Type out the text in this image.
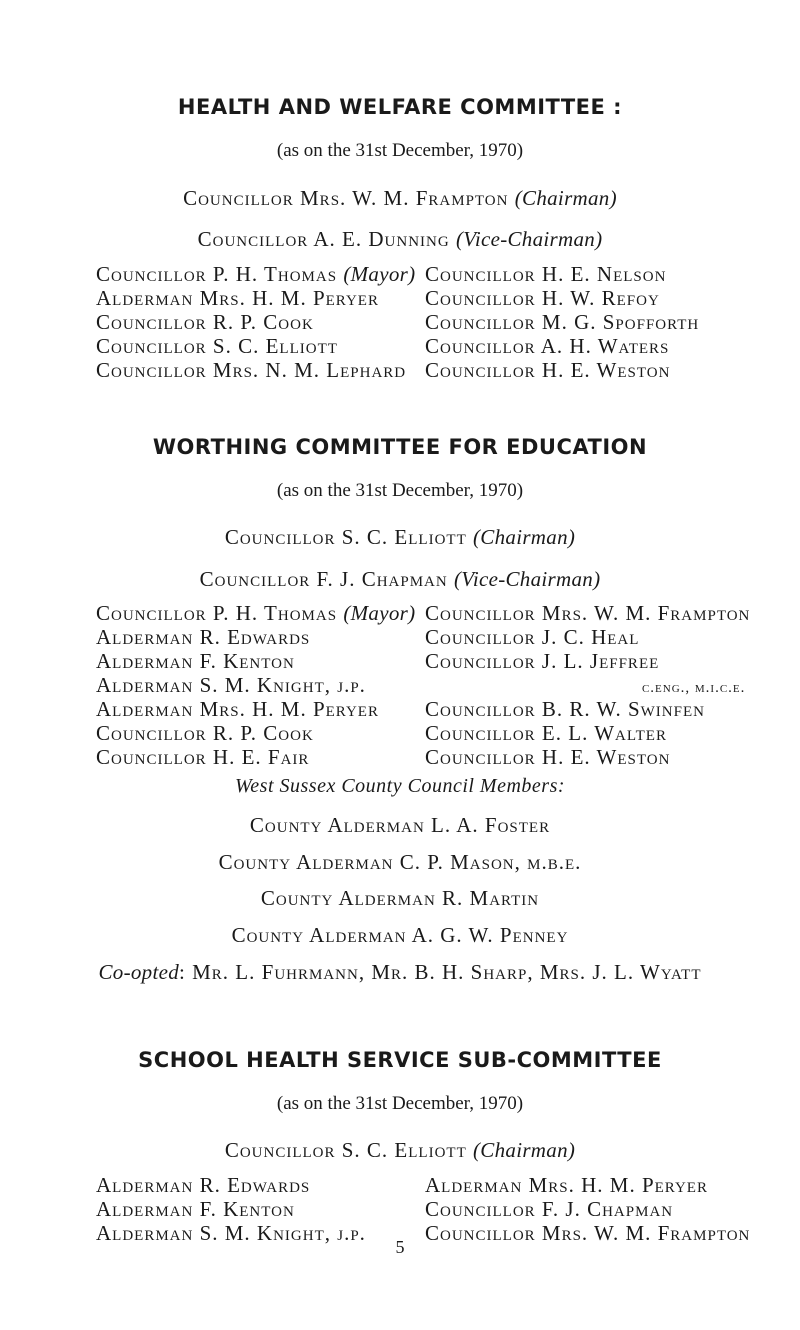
HEALTH AND WELFARE COMMITTEE :
(as on the 31st December, 1970)
Councillor Mrs. W. M. Frampton (Chairman)
Councillor A. E. Dunning (Vice-Chairman)
Councillor P. H. Thomas (Mayor)
Alderman Mrs. H. M. Peryer
Councillor R. P. Cook
Councillor S. C. Elliott
Councillor Mrs. N. M. Lephard
Councillor H. E. Nelson
Councillor H. W. Refoy
Councillor M. G. Spofforth
Councillor A. H. Waters
Councillor H. E. Weston
WORTHING COMMITTEE FOR EDUCATION
(as on the 31st December, 1970)
Councillor S. C. Elliott (Chairman)
Councillor F. J. Chapman (Vice-Chairman)
Councillor P. H. Thomas (Mayor)
Alderman R. Edwards
Alderman F. Kenton
Alderman S. M. Knight, j.p.
Alderman Mrs. H. M. Peryer
Councillor R. P. Cook
Councillor H. E. Fair
Councillor Mrs. W. M. Frampton
Councillor J. C. Heal
Councillor J. L. Jeffree
c.eng., m.i.c.e.
Councillor B. R. W. Swinfen
Councillor E. L. Walter
Councillor H. E. Weston
West Sussex County Council Members:
County Alderman L. A. Foster
County Alderman C. P. Mason, m.b.e.
County Alderman R. Martin
County Alderman A. G. W. Penney
Co-opted: Mr. L. Fuhrmann, Mr. B. H. Sharp, Mrs. J. L. Wyatt
SCHOOL HEALTH SERVICE SUB-COMMITTEE
(as on the 31st December, 1970)
Councillor S. C. Elliott (Chairman)
Alderman R. Edwards
Alderman F. Kenton
Alderman S. M. Knight, j.p.
Alderman Mrs. H. M. Peryer
Councillor F. J. Chapman
Councillor Mrs. W. M. Frampton
5
